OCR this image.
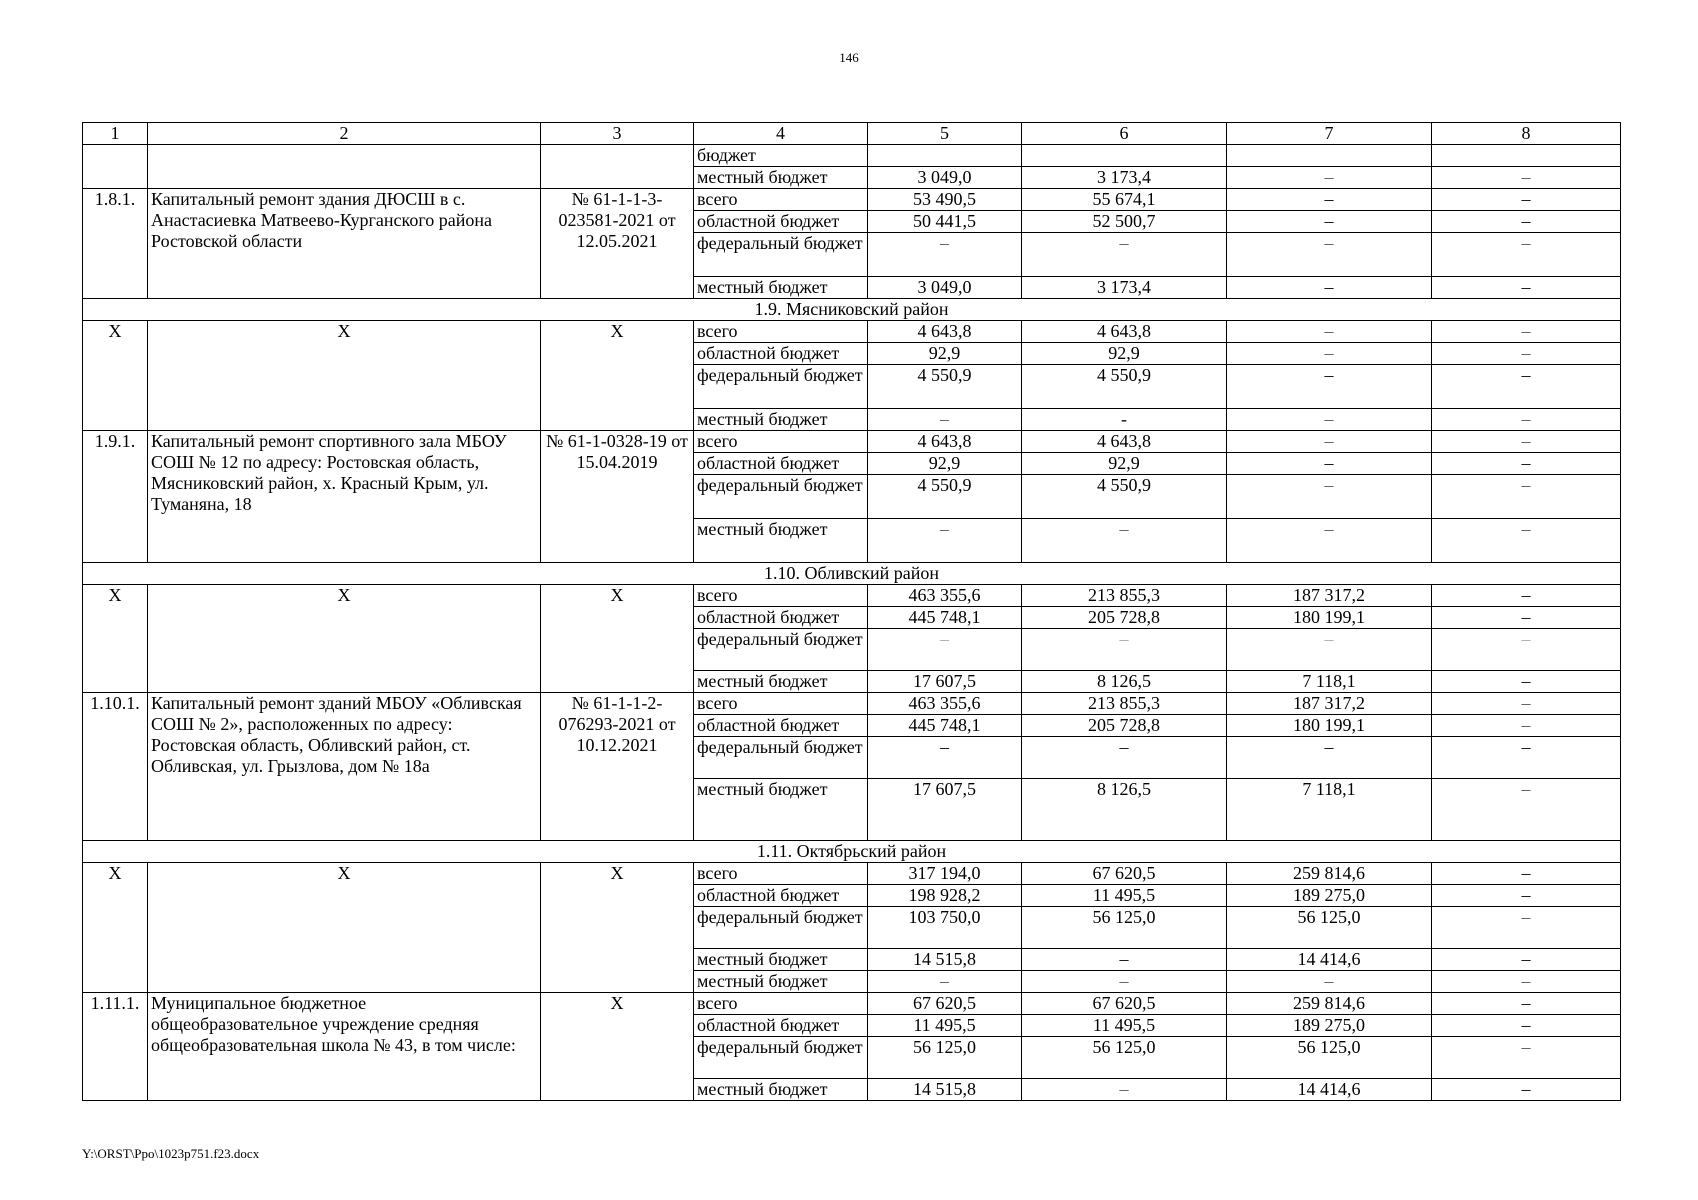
146
1	2	3	4	5	6	7	8
			бюджет				
			местный бюджет	3 049,0	3 173,4	–	–
1.8.1.	Капитальный ремонт здания ДЮСШ в с. Анастасиевка Матвеево-Курганского района Ростовской области	№ 61-1-1-3-023581-2021 от 12.05.2021	всего	53 490,5	55 674,1	–	–
			областной бюджет	50 441,5	52 500,7	–	–
			федеральный бюджет	–	–	–	–
			местный бюджет	3 049,0	3 173,4	–	–
1.9. Мясниковский район							
Х	Х	Х	всего	4 643,8	4 643,8	–	–
			областной бюджет	92,9	92,9	–	–
			федеральный бюджет	4 550,9	4 550,9	–	–
			местный бюджет	–	-	–	–
1.9.1.	Капитальный ремонт спортивного зала МБОУ СОШ № 12 по адресу: Ростовская область, Мясниковский район, х. Красный Крым, ул. Туманяна, 18	№ 61-1-0328-19 от 15.04.2019	всего	4 643,8	4 643,8	–	–
			областной бюджет	92,9	92,9	–	–
			федеральный бюджет	4 550,9	4 550,9	–	–
			местный бюджет	–	–	–	–
1.10. Обливский район							
Х	Х	Х	всего	463 355,6	213 855,3	187 317,2	–
			областной бюджет	445 748,1	205 728,8	180 199,1	–
			федеральный бюджет	–	–	–	–
			местный бюджет	17 607,5	8 126,5	7 118,1	–
1.10.1.	Капитальный ремонт зданий МБОУ «Обливская СОШ № 2», расположенных по адресу: Ростовская область, Обливский район, ст. Обливская, ул. Грызлова, дом № 18а	№ 61-1-1-2-076293-2021 от 10.12.2021	всего	463 355,6	213 855,3	187 317,2	–
			областной бюджет	445 748,1	205 728,8	180 199,1	–
			федеральный бюджет	–	–	–	–
			местный бюджет	17 607,5	8 126,5	7 118,1	–
1.11. Октябрьский район							
Х	Х	Х	всего	317 194,0	67 620,5	259 814,6	–
			областной бюджет	198 928,2	11 495,5	189 275,0	–
			федеральный бюджет	103 750,0	56 125,0	56 125,0	–
			местный бюджет	14 515,8	–	14 414,6	–
			местный бюджет	–	–	–	–
1.11.1.	Муниципальное бюджетное общеобразовательное учреждение средняя общеобразовательная школа № 43, в том числе:	Х	всего	67 620,5	67 620,5	259 814,6	–
			областной бюджет	11 495,5	11 495,5	189 275,0	–
			федеральный бюджет	56 125,0	56 125,0	56 125,0	–
			местный бюджет	14 515,8	–	14 414,6	–
Y:\ORST\Ppo\1023p751.f23.docx
